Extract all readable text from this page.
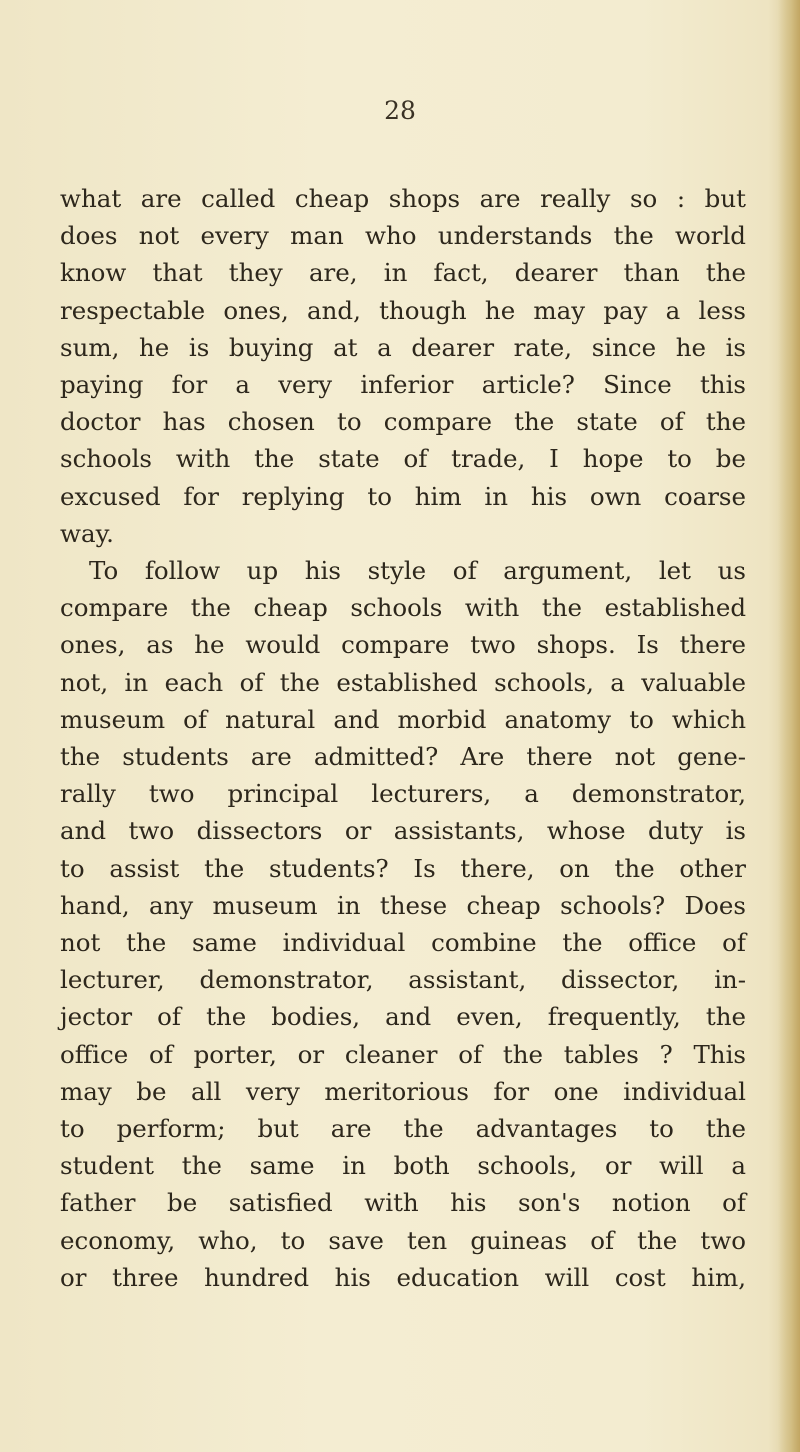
28

what are called cheap shops are really so : but
does not every man who understands the world
know that they are, in fact, dearer than the
respectable ones, and, though he may pay a less
sum, he is buying at a dearer rate, since he is
paying for a very inferior article? Since this
doctor has chosen to compare the state of the
schools with the state of trade, I hope to be
excused for replying to him in his own coarse
way.

To follow up his style of argument, let us
compare the cheap schools with the established
ones, as he would compare two shops. Is there
not, in each of the established schools, a valuable
museum of natural and morbid anatomy to which
the students are admitted? Are there not gene-
rally two principal lecturers, a demonstrator,
and two dissectors or assistants, whose duty is
to assist the students? Is there, on the other
hand, any museum in these cheap schools? Does
not the same individual combine the office of
lecturer, demonstrator, assistant, dissector, in-
jector of the bodies, and even, frequently, the
office of porter, or cleaner of the tables ? This
may be all very meritorious for one individual
to perform; but are the advantages to the
student the same in both schools, or will a
father be satisfied with his son's notion of
economy, who, to save ten guineas of the two
or three hundred his education will cost him,
